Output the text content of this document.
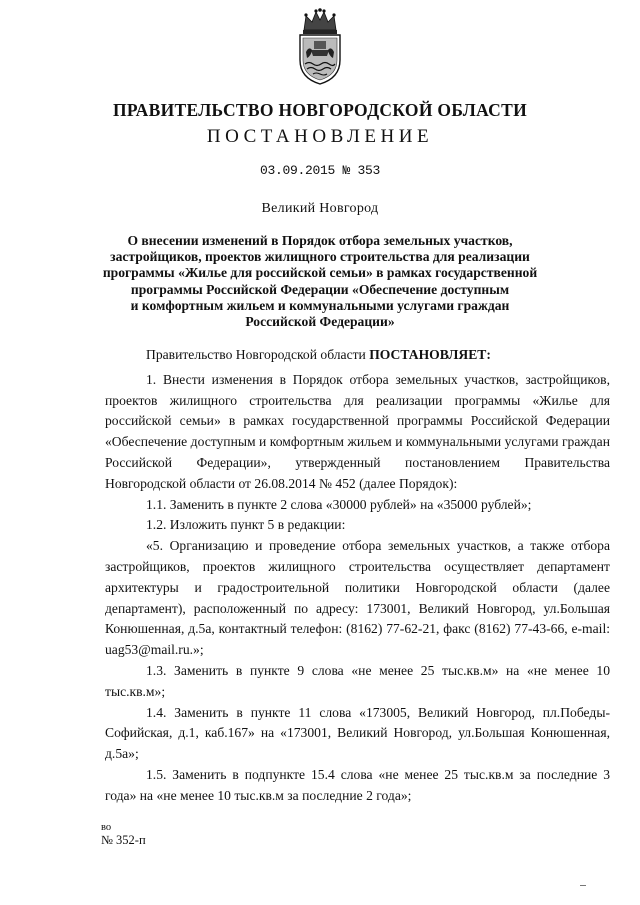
ПРАВИТЕЛЬСТВО НОВГОРОДСКОЙ ОБЛАСТИ
ПОСТАНОВЛЕНИЕ
03.09.2015 № 353
Великий Новгород
О внесении изменений в Порядок отбора земельных участков,
застройщиков, проектов жилищного строительства для реализации
программы «Жилье для российской семьи» в рамках государственной
программы Российской Федерации «Обеспечение доступным
и комфортным жильем и коммунальными услугами граждан
Российской Федерации»

Правительство Новгородской области ПОСТАНОВЛЯЕТ:

1. Внести изменения в Порядок отбора земельных участков, застройщиков, проектов жилищного строительства для реализации программы «Жилье для российской семьи» в рамках государственной программы Российской Федерации «Обеспечение доступным и комфортным жильем и коммунальными услугами граждан Российской Федерации», утвержденный постановлением Правительства Новгородской области от 26.08.2014 № 452 (далее Порядок):

1.1. Заменить в пункте 2 слова «30000 рублей» на «35000 рублей»;

1.2. Изложить пункт 5 в редакции:

«5. Организацию и проведение отбора земельных участков, а также отбора застройщиков, проектов жилищного строительства осуществляет департамент архитектуры и градостроительной политики Новгородской области (далее департамент), расположенный по адресу: 173001, Великий Новгород, ул.Большая Конюшенная, д.5а, контактный телефон: (8162) 77-62-21, факс (8162) 77-43-66, e-mail: uag53@mail.ru.»;

1.3. Заменить в пункте 9 слова «не менее 25 тыс.кв.м» на «не менее 10 тыс.кв.м»;

1.4. Заменить в пункте 11 слова «173005, Великий Новгород, пл.Победы-Софийская, д.1, каб.167» на «173001, Великий Новгород, ул.Большая Конюшенная, д.5а»;

1.5. Заменить в подпункте 15.4 слова «не менее 25 тыс.кв.м за последние 3 года» на «не менее 10 тыс.кв.м за последние 2 года»;

во
№ 352-п
